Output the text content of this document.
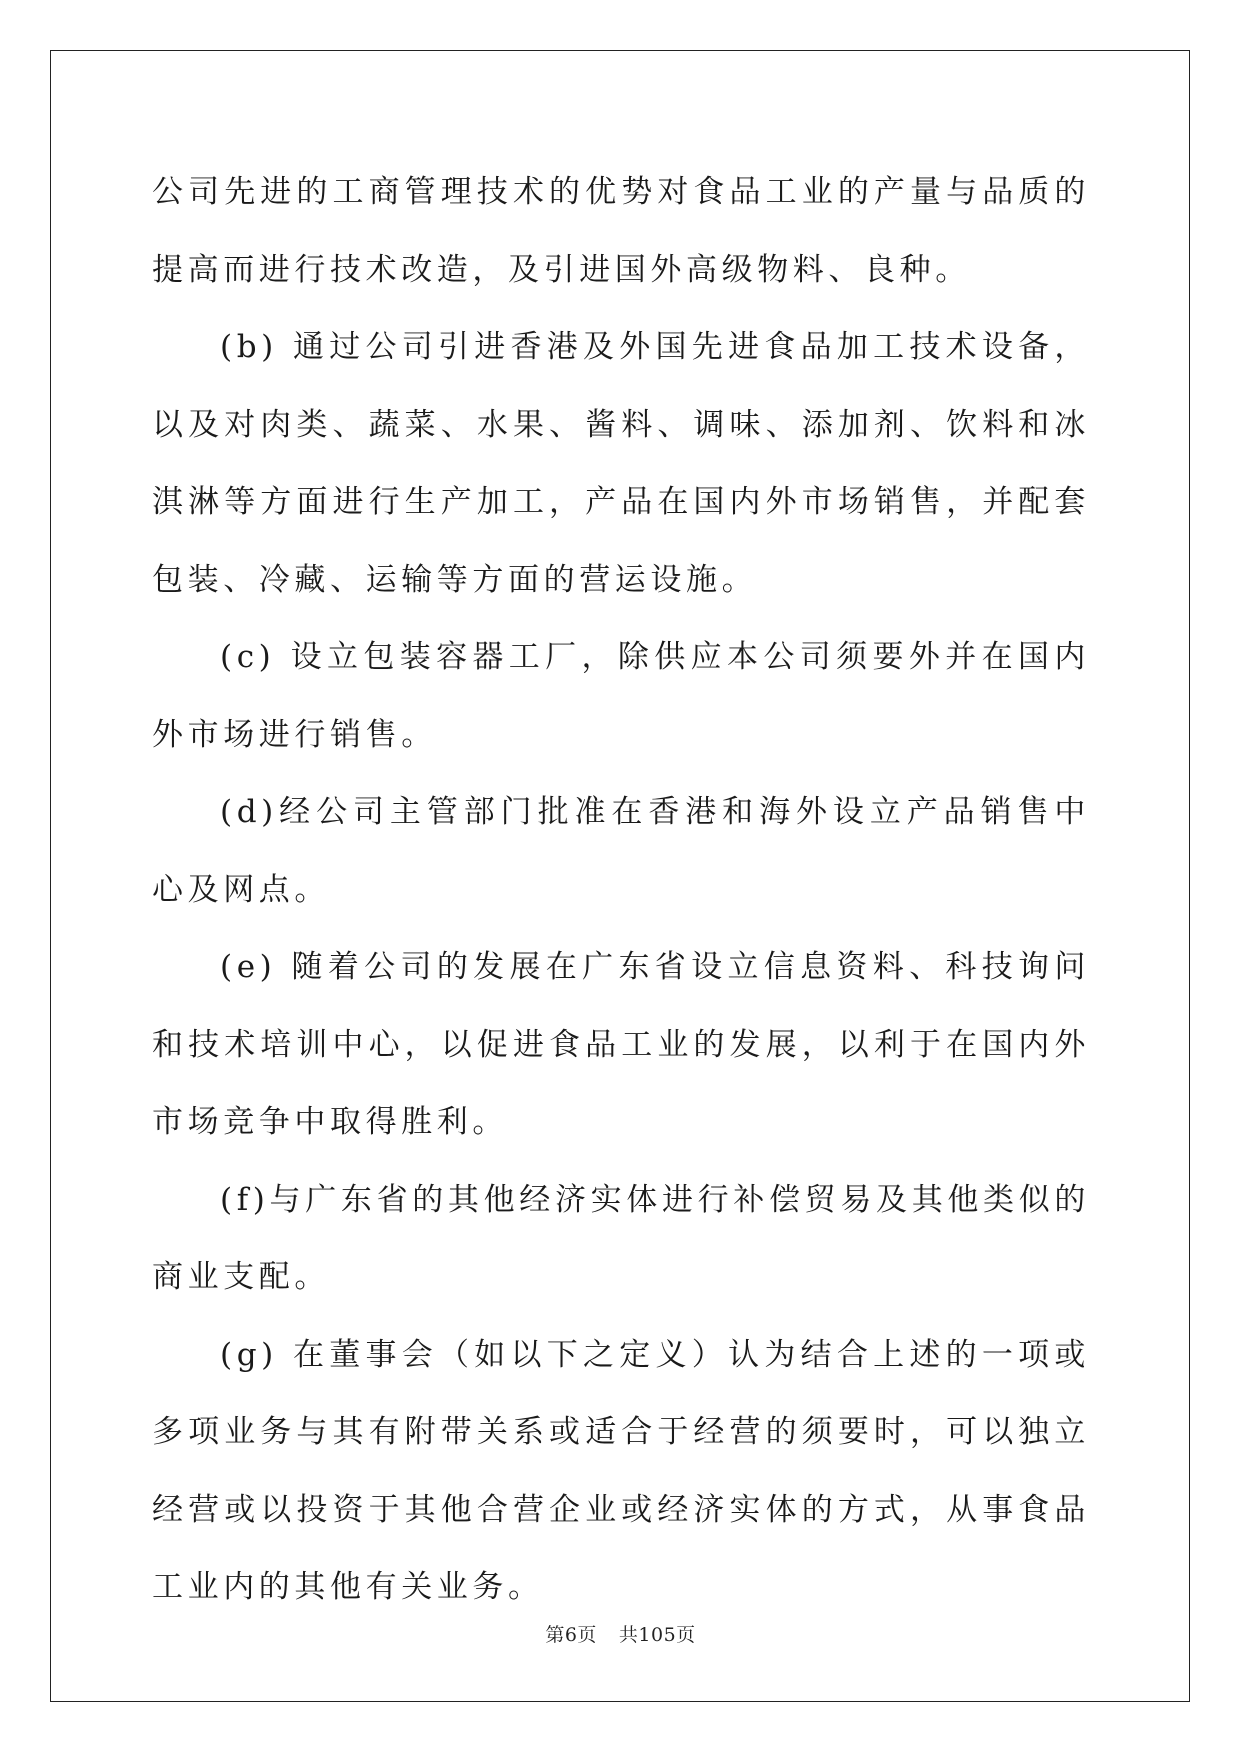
公司先进的工商管理技术的优势对食品工业的产量与品质的提高而进行技术改造，及引进国外高级物料、良种。

(b) 通过公司引进香港及外国先进食品加工技术设备，以及对肉类、蔬菜、水果、酱料、调味、添加剂、饮料和冰淇淋等方面进行生产加工，产品在国内外市场销售，并配套包装、冷藏、运输等方面的营运设施。

(c) 设立包装容器工厂，除供应本公司须要外并在国内外市场进行销售。

(d)经公司主管部门批准在香港和海外设立产品销售中心及网点。

(e) 随着公司的发展在广东省设立信息资料、科技询问和技术培训中心，以促进食品工业的发展，以利于在国内外市场竞争中取得胜利。

(f)与广东省的其他经济实体进行补偿贸易及其他类似的商业支配。

(g) 在董事会（如以下之定义）认为结合上述的一项或多项业务与其有附带关系或适合于经营的须要时，可以独立经营或以投资于其他合营企业或经济实体的方式，从事食品工业内的其他有关业务。

第6页 共105页
